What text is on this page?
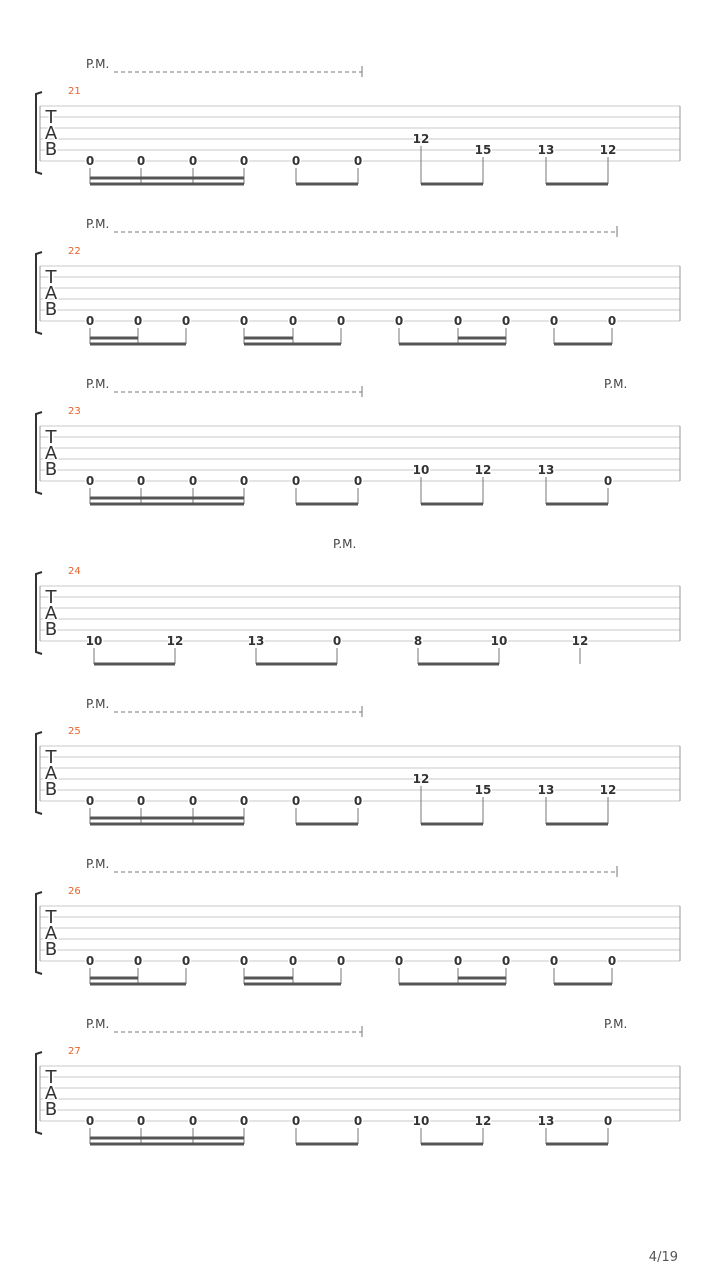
P.M.
21
T
A
B
0	0	0	0	0	0
12
15	13	12
P.M.
22
T
A
B
0	0	0	0	0	0	0	0	0	0	0
P.M.	P.M.
23
T
A
B
0	0	0	0	0	0
10	12	13
0
P.M.
24
T
A
B
10	12	13	0	8	10	12
P.M.
25
T
A
B
0	0	0	0	0	0
12
15	13	12
P.M.
26
T
A
B
0	0	0	0	0	0	0	0	0	0	0
P.M.	P.M.
27
T
A
B
0	0	0	0	0	0	10	12	13	0
4/19
